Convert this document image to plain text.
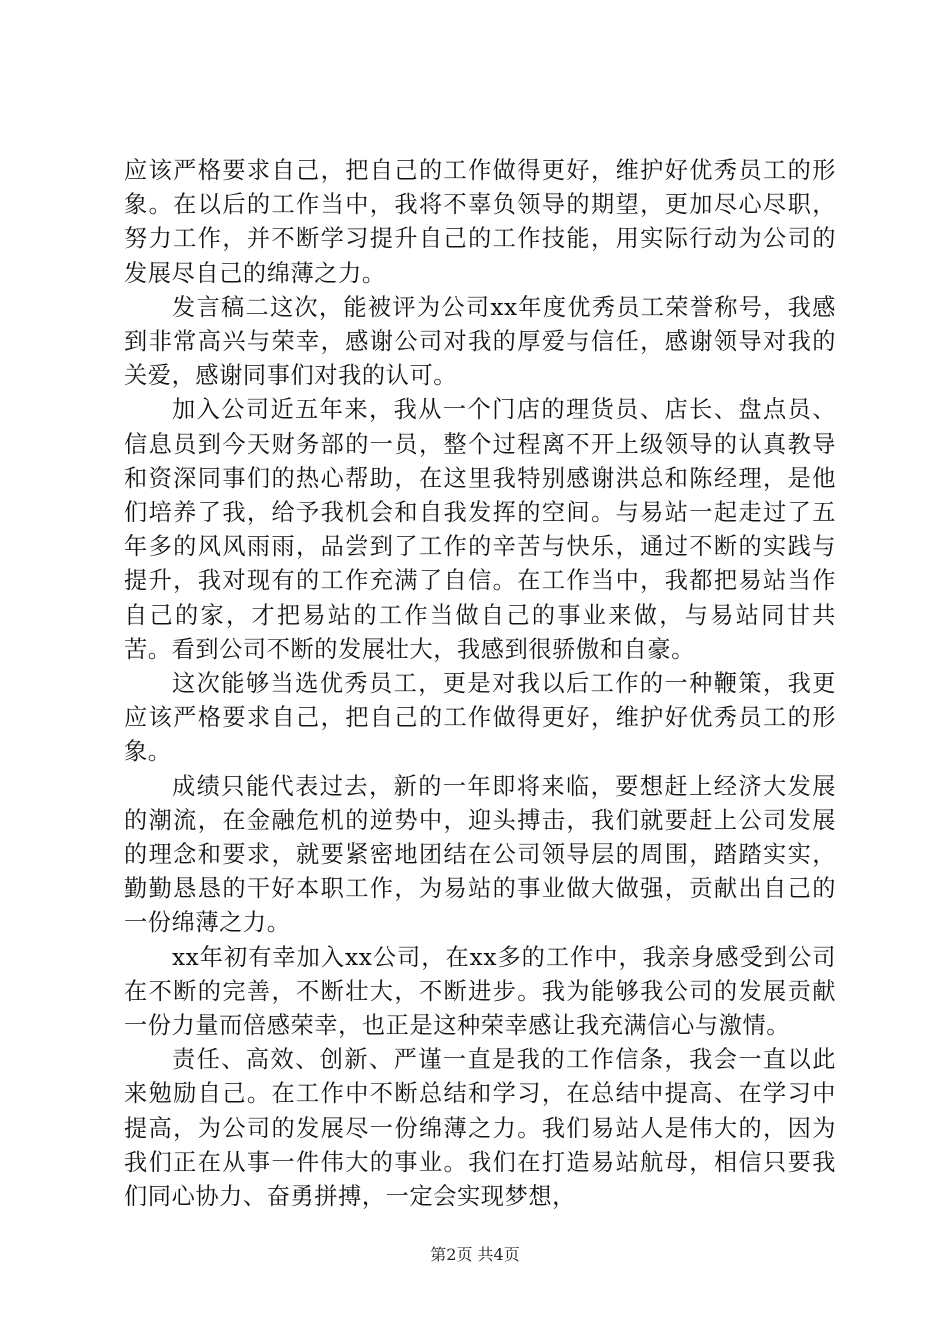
应该严格要求自己，把自己的工作做得更好，维护好优秀员工的形象。在以后的工作当中，我将不辜负领导的期望，更加尽心尽职，努力工作，并不断学习提升自己的工作技能，用实际行动为公司的发展尽自己的绵薄之力。

发言稿二这次，能被评为公司xx年度优秀员工荣誉称号，我感到非常高兴与荣幸，感谢公司对我的厚爱与信任，感谢领导对我的关爱，感谢同事们对我的认可。

加入公司近五年来，我从一个门店的理货员、店长、盘点员、信息员到今天财务部的一员，整个过程离不开上级领导的认真教导和资深同事们的热心帮助，在这里我特别感谢洪总和陈经理，是他们培养了我，给予我机会和自我发挥的空间。与易站一起走过了五年多的风风雨雨，品尝到了工作的辛苦与快乐，通过不断的实践与提升，我对现有的工作充满了自信。在工作当中，我都把易站当作自己的家，才把易站的工作当做自己的事业来做，与易站同甘共苦。看到公司不断的发展壮大，我感到很骄傲和自豪。

这次能够当选优秀员工，更是对我以后工作的一种鞭策，我更应该严格要求自己，把自己的工作做得更好，维护好优秀员工的形象。

成绩只能代表过去，新的一年即将来临，要想赶上经济大发展的潮流，在金融危机的逆势中，迎头搏击，我们就要赶上公司发展的理念和要求，就要紧密地团结在公司领导层的周围，踏踏实实，勤勤恳恳的干好本职工作，为易站的事业做大做强，贡献出自己的一份绵薄之力。

xx年初有幸加入xx公司，在xx多的工作中，我亲身感受到公司在不断的完善，不断壮大，不断进步。我为能够我公司的发展贡献一份力量而倍感荣幸，也正是这种荣幸感让我充满信心与激情。

责任、高效、创新、严谨一直是我的工作信条，我会一直以此来勉励自己。在工作中不断总结和学习，在总结中提高、在学习中提高，为公司的发展尽一份绵薄之力。我们易站人是伟大的，因为我们正在从事一件伟大的事业。我们在打造易站航母，相信只要我们同心协力、奋勇拼搏，一定会实现梦想，

第2页 共4页
